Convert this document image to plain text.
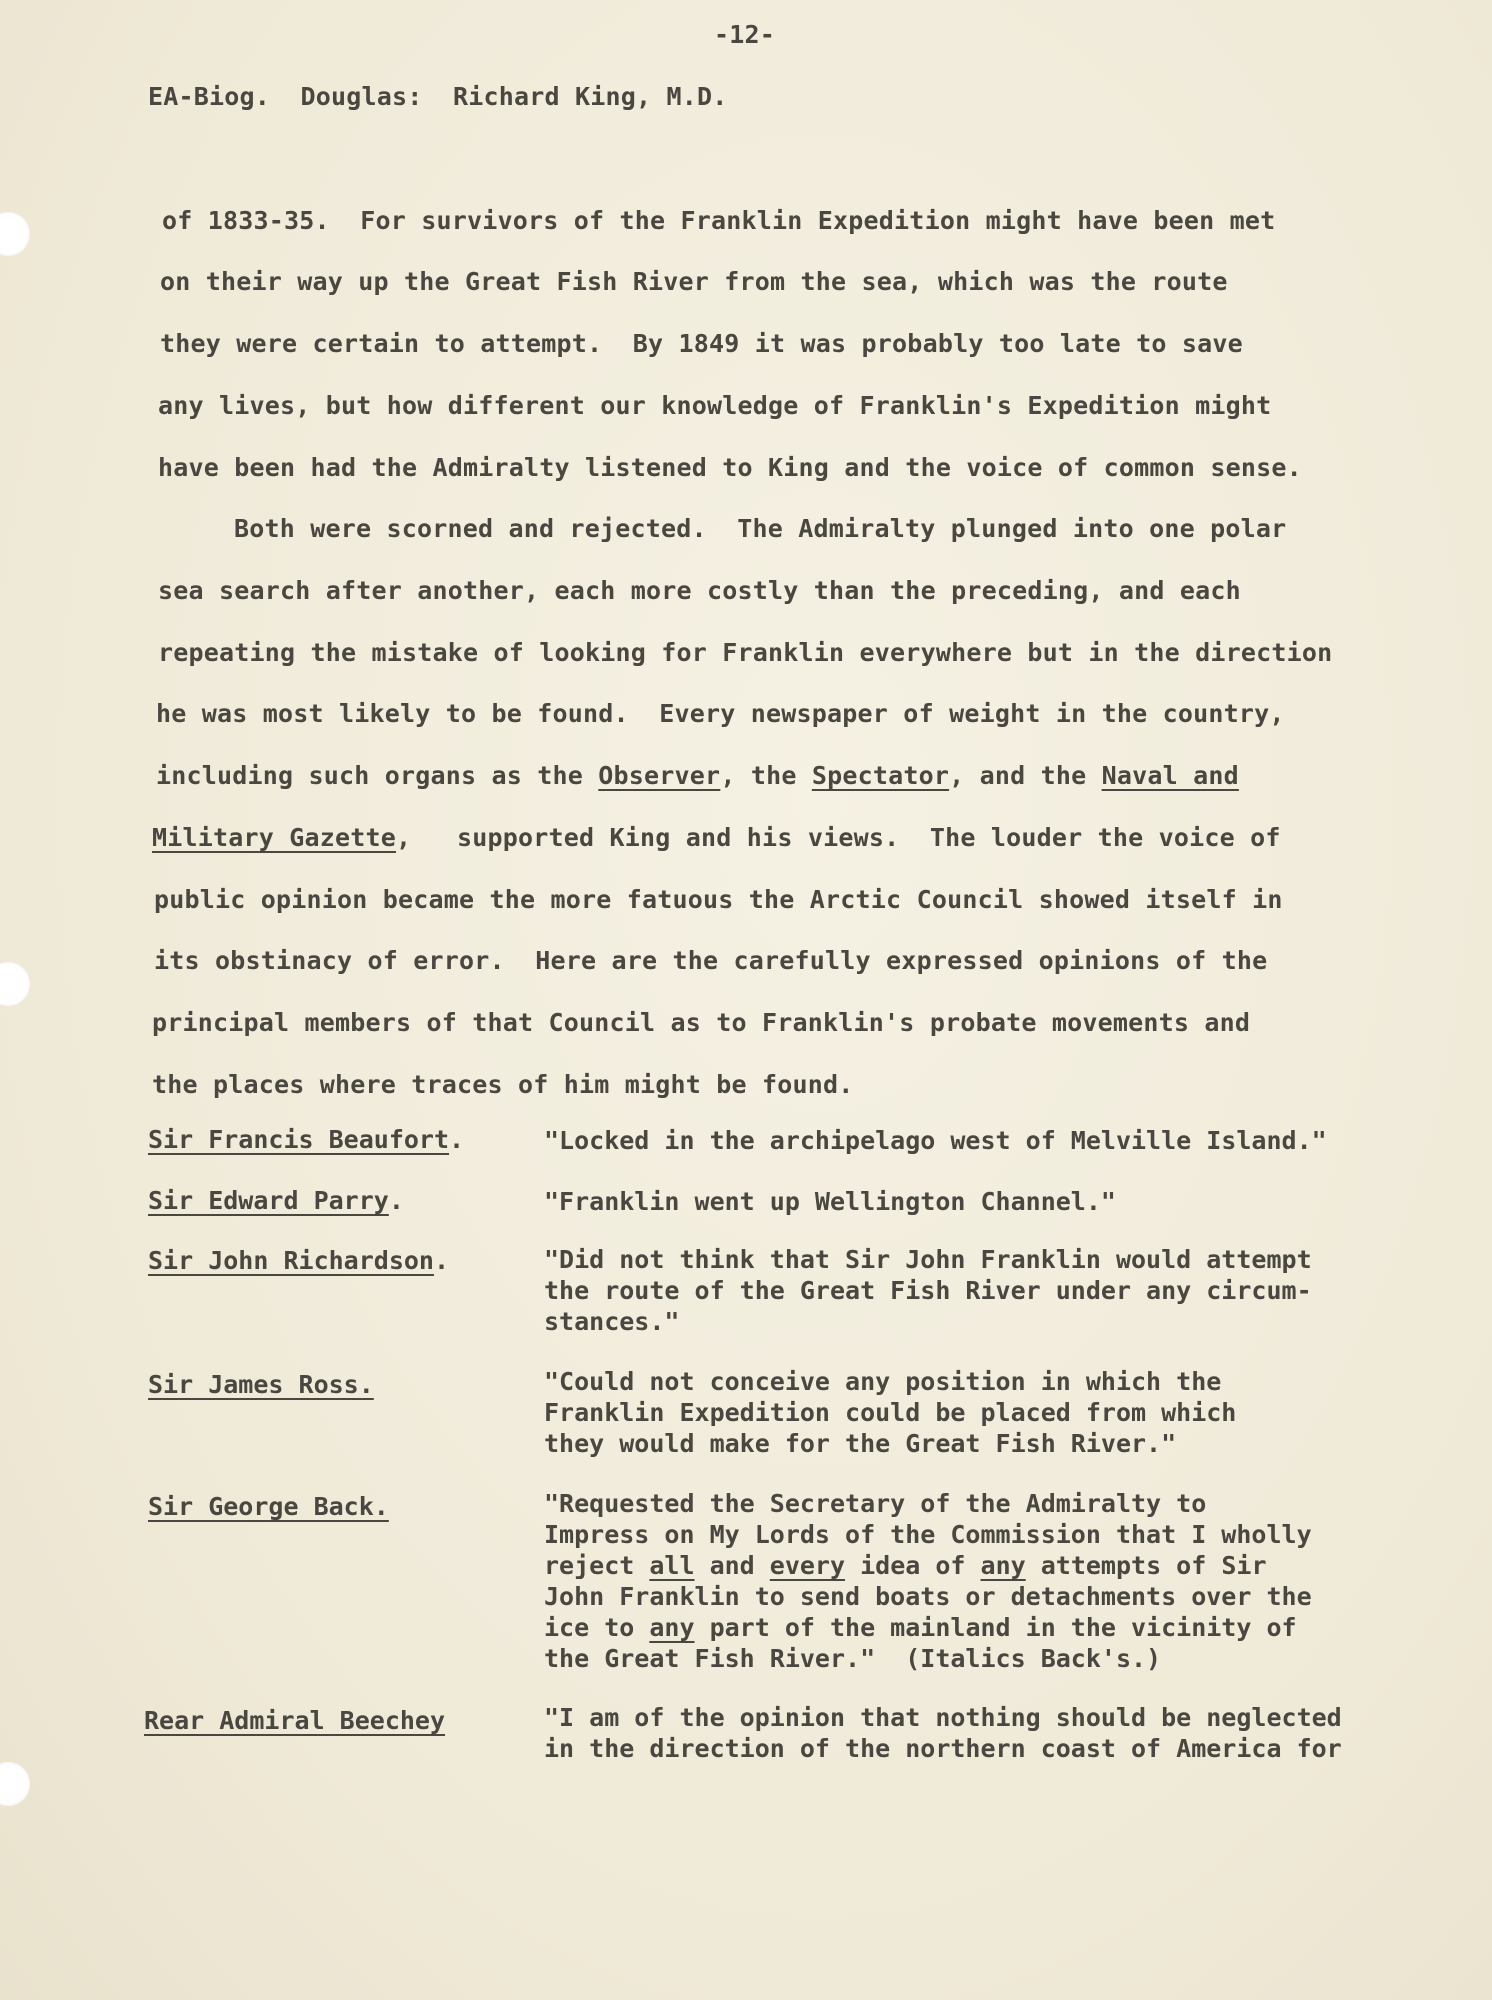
-12-
EA-Biog.  Douglas:  Richard King, M.D.
of 1833-35.  For survivors of the Franklin Expedition might have been met
on their way up the Great Fish River from the sea, which was the route
they were certain to attempt.  By 1849 it was probably too late to save
any lives, but how different our knowledge of Franklin's Expedition might
have been had the Admiralty listened to King and the voice of common sense.
Both were scorned and rejected.  The Admiralty plunged into one polar
sea search after another, each more costly than the preceding, and each
repeating the mistake of looking for Franklin everywhere but in the direction
he was most likely to be found.  Every newspaper of weight in the country,
including such organs as the Observer, the Spectator, and the Naval and
Military Gazette,   supported King and his views.  The louder the voice of
public opinion became the more fatuous the Arctic Council showed itself in
its obstinacy of error.  Here are the carefully expressed opinions of the
principal members of that Council as to Franklin's probate movements and
the places where traces of him might be found.
Sir Francis Beaufort.	"Locked in the archipelago west of Melville Island."
Sir Edward Parry.	"Franklin went up Wellington Channel."
Sir John Richardson.	"Did not think that Sir John Franklin would attempt
the route of the Great Fish River under any circum-
stances."
Sir James Ross.	"Could not conceive any position in which the
Franklin Expedition could be placed from which
they would make for the Great Fish River."
Sir George Back.	"Requested the Secretary of the Admiralty to
Impress on My Lords of the Commission that I wholly
reject all and every idea of any attempts of Sir
John Franklin to send boats or detachments over the
ice to any part of the mainland in the vicinity of
the Great Fish River."  (Italics Back's.)
Rear Admiral Beechey	"I am of the opinion that nothing should be neglected
in the direction of the northern coast of America for
